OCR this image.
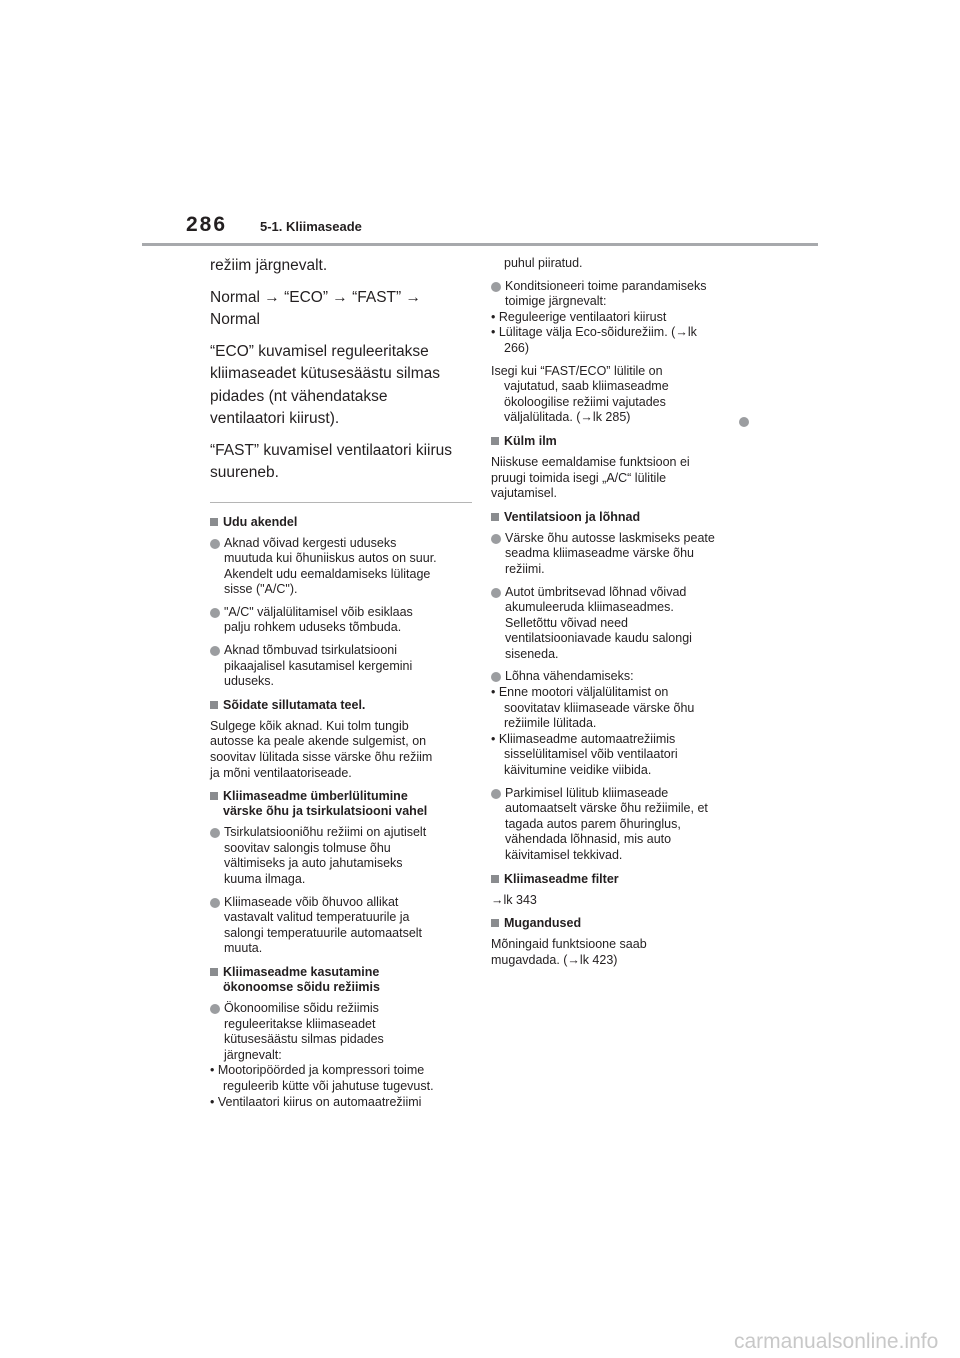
286	5-1. Kliimaseade

režiim järgnevalt.

Normal → “ECO” → “FAST” →
Normal

“ECO” kuvamisel reguleeritakse
kliimaseadet kütusesäästu silmas
pidades (nt vähendatakse
ventilaatori kiirust).

“FAST” kuvamisel ventilaatori kiirus
suureneb.

Udu akendel
Aknad võivad kergesti uduseks
muutuda kui õhuniiskus autos on suur.
Akendelt udu eemaldamiseks lülitage
sisse ("A/C").
"A/C" väljalülitamisel võib esiklaas
palju rohkem uduseks tõmbuda.
Aknad tõmbuvad tsirkulatsiooni
pikaajalisel kasutamisel kergemini
uduseks.
Sõidate sillutamata teel.
Sulgege kõik aknad. Kui tolm tungib
autosse ka peale akende sulgemist, on
soovitav lülitada sisse värske õhu režiim
ja mõni ventilaatoriseade.
Kliimaseadme ümberlülitumine
värske õhu ja tsirkulatsiooni vahel
Tsirkulatsiooniõhu režiimi on ajutiselt
soovitav salongis tolmuse õhu
vältimiseks ja auto jahutamiseks
kuuma ilmaga.
Kliimaseade võib õhuvoo allikat
vastavalt valitud temperatuurile ja
salongi temperatuurile automaatselt
muuta.
Kliimaseadme kasutamine
ökonoomse sõidu režiimis
Ökonoomilise sõidu režiimis
reguleeritakse kliimaseadet
kütusesäästu silmas pidades
järgnevalt:
• Mootoripöörded ja kompressori toime
reguleerib kütte või jahutuse tugevust.
• Ventilaatori kiirus on automaatrežiimi
puhul piiratud.
Konditsioneeri toime parandamiseks
toimige järgnevalt:
• Reguleerige ventilaatori kiirust
• Lülitage välja Eco-sõidurežiim. (→lk
266)
Isegi kui “FAST/ECO” lülitile on
vajutatud, saab kliimaseadme
ökoloogilise režiimi vajutades
väljalülitada. (→lk 285)
Külm ilm
Niiskuse eemaldamise funktsioon ei
pruugi toimida isegi „A/C“ lülitile
vajutamisel.
Ventilatsioon ja lõhnad
Värske õhu autosse laskmiseks peate
seadma kliimaseadme värske õhu
režiimi.
Autot ümbritsevad lõhnad võivad
akumuleeruda kliimaseadmes.
Selletõttu võivad need
ventilatsiooniavade kaudu salongi
siseneda.
Lõhna vähendamiseks:
• Enne mootori väljalülitamist on
soovitatav kliimaseade värske õhu
režiimile lülitada.
• Kliimaseadme automaatrežiimis
sisselülitamisel võib ventilaatori
käivitumine veidike viibida.
Parkimisel lülitub kliimaseade
automaatselt värske õhu režiimile, et
tagada autos parem õhuringlus,
vähendada lõhnasid, mis auto
käivitamisel tekkivad.
Kliimaseadme filter
→lk 343
Mugandused
Mõningaid funktsioone saab
mugavdada. (→lk 423)
carmanualsonline.info
